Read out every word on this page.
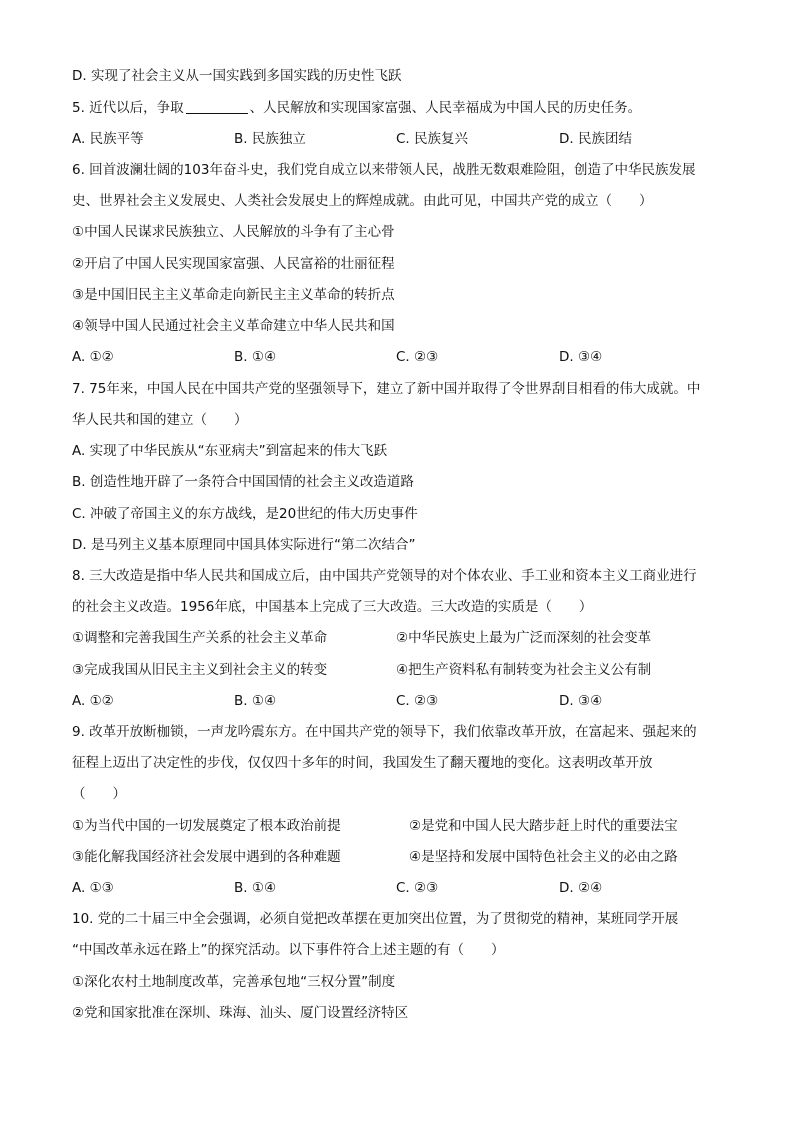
D. 实现了社会主义从一国实践到多国实践的历史性飞跃
5. 近代以后，争取	、人民解放和实现国家富强、人民幸福成为中国人民的历史任务。
A. 民族平等	B. 民族独立	C. 民族复兴	D. 民族团结
6. 回首波澜壮阔的103年奋斗史，我们党自成立以来带领人民，战胜无数艰难险阻，创造了中华民族发展
史、世界社会主义发展史、人类社会发展史上的辉煌成就。由此可见，中国共产党的成立（　　）
①中国人民谋求民族独立、人民解放的斗争有了主心骨
②开启了中国人民实现国家富强、人民富裕的壮丽征程
③是中国旧民主主义革命走向新民主主义革命的转折点
④领导中国人民通过社会主义革命建立中华人民共和国
A. ①②	B. ①④	C. ②③	D. ③④
7. 75年来，中国人民在中国共产党的坚强领导下，建立了新中国并取得了令世界刮目相看的伟大成就。中
华人民共和国的建立（　　）
A. 实现了中华民族从“东亚病夫”到富起来的伟大飞跃
B. 创造性地开辟了一条符合中国国情的社会主义改造道路
C. 冲破了帝国主义的东方战线，是20世纪的伟大历史事件
D. 是马列主义基本原理同中国具体实际进行“第二次结合”
8. 三大改造是指中华人民共和国成立后，由中国共产党领导的对个体农业、手工业和资本主义工商业进行
的社会主义改造。1956年底，中国基本上完成了三大改造。三大改造的实质是（　　）
①调整和完善我国生产关系的社会主义革命	②中华民族史上最为广泛而深刻的社会变革
③完成我国从旧民主主义到社会主义的转变	④把生产资料私有制转变为社会主义公有制
A. ①②	B. ①④	C. ②③	D. ③④
9. 改革开放断枷锁，一声龙吟震东方。在中国共产党的领导下，我们依靠改革开放，在富起来、强起来的
征程上迈出了决定性的步伐，仅仅四十多年的时间，我国发生了翻天覆地的变化。这表明改革开放
（　　）
①为当代中国的一切发展奠定了根本政治前提	②是党和中国人民大踏步赶上时代的重要法宝
③能化解我国经济社会发展中遇到的各种难题	④是坚持和发展中国特色社会主义的必由之路
A. ①③	B. ①④	C. ②③	D. ②④
10. 党的二十届三中全会强调，必须自觉把改革摆在更加突出位置，为了贯彻党的精神，某班同学开展
“中国改革永远在路上”的探究活动。以下事件符合上述主题的有（　　）
①深化农村土地制度改革，完善承包地“三权分置”制度
②党和国家批准在深圳、珠海、汕头、厦门设置经济特区
